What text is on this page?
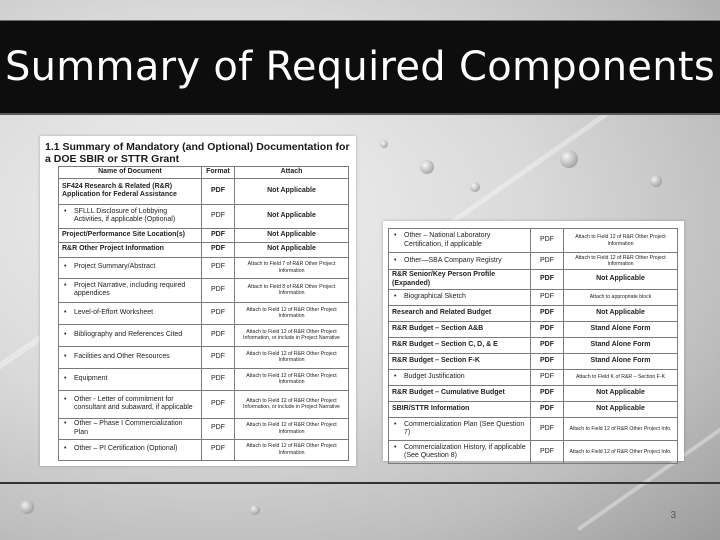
Summary of Required Components

1.1 Summary of Mandatory (and Optional) Documentation for a DOE SBIR or STTR Grant

Name of Document	Format	Attach
SF424 Research & Related (R&R) Application for Federal Assistance	PDF	Not Applicable

• SFLLL Disclosure of Lobbying Activities, if applicable (Optional)	PDF	Not Applicable
Project/Performance Site Location(s)	PDF	Not Applicable
R&R Other Project Information	PDF	Not Applicable

• Project Summary/Abstract	PDF	Attach to Field 7 of R&R Other Project Information

• Project Narrative, including required appendices	PDF	Attach to Field 8 of R&R Other Project Information

• Level-of-Effort Worksheet	PDF	Attach to Field 12 of R&R Other Project Information

• Bibliography and References Cited	PDF	Attach to Field 12 of R&R Other Project Information, or include in Project Narrative

• Facilities and Other Resources	PDF	Attach to Field 12 of R&R Other Project Information

• Equipment	PDF	Attach to Field 12 of R&R Other Project Information

• Other - Letter of commitment for consultant and subaward, if applicable	PDF	Attach to Field 12 of R&R Other Project Information, or include in Project Narrative

• Other – Phase I Commercialization Plan	PDF	Attach to Field 12 of R&R Other Project Information

• Other – PI Certification (Optional)	PDF	Attach to Field 12 of R&R Other Project Information
• Other – National Laboratory Certification, if applicable	PDF	Attach to Field 12 of R&R Other Project Information

• Other—SBA Company Registry	PDF	Attach to Field 12 of R&R Other Project Information
R&R Senior/Key Person Profile (Expanded)	PDF	Not Applicable

• Biographical Sketch	PDF	Attach to appropriate block
Research and Related Budget	PDF	Not Applicable
R&R Budget – Section A&B	PDF	Stand Alone Form
R&R Budget – Section C, D, & E	PDF	Stand Alone Form
R&R Budget – Section F-K	PDF	Stand Alone Form

• Budget Justification	PDF	Attach to Field K of R&R – Section F-K
R&R Budget – Cumulative Budget	PDF	Not Applicable
SBIR/STTR Information	PDF	Not Applicable

• Commercialization Plan (See Question 7)	PDF	Attach to Field 12 of R&R Other Project Info.

• Commercialization History, if applicable (See Question 8)	PDF	Attach to Field 12 of R&R Other Project Info.
3
